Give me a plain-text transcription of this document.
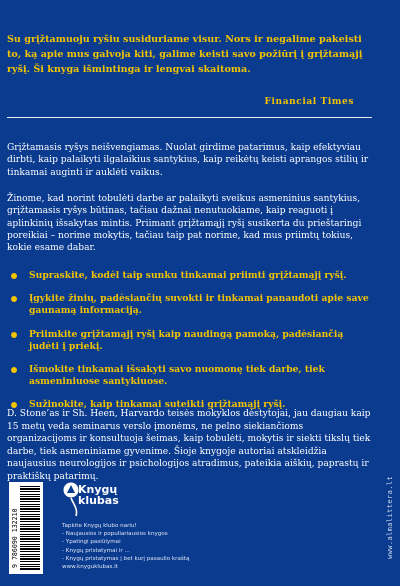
Su grįžtamuoju ryšiu susiduriame visur. Nors ir negalime pakeisti to, ką apie mus galvoja kiti, galime keisti savo požiūrį į grįžtamąjį ryšį. Ši knyga išmintinga ir lengvai skaitoma.
Financial Times
Grįžtamasis ryšys neišvengiamas. Nuolat girdime patarimus, kaip efektyviau dirbti, kaip palaikyti ilgalaikius santykius, kaip reikėtų keisti aprangos stilių ir tinkamai auginti ir auklėti vaikus.
Žinome, kad norint tobulėti darbe ar palaikyti sveikus asmeninius santykius, grįžtamasis ryšys būtinas, tačiau dažnai nenutuokiame, kaip reaguoti į aplinkinių išsakytas mintis. Priimant grįžtamąjį ryšį susikerta du prieštaringi poreikiai – norime mokytis, tačiau taip pat norime, kad mus priimtų tokius, kokie esame dabar.
Supraskite, kodėl taip sunku tinkamai priimti grįžtamąjį ryšį.
Įgykite žinių, padėsiančių suvokti ir tinkamai panaudoti apie save gaunamą informaciją.
Priimkite grįžtamąjį ryšį kaip naudingą pamoką, padėsiančią judėti į priekį.
Išmokite tinkamai išsakyti savo nuomonę tiek darbe, tiek asmeniniuose santykiuose.
Sužinokite, kaip tinkamai suteikti grįžtamąjį ryšį.
D. Stone’as ir Sh. Heen, Harvardo teisės mokyklos dėstytojai, jau daugiau kaip 15 metų veda seminarus verslo įmonėms, ne pelno siekiančioms organizacijoms ir konsultuoja šeimas, kaip tobulėti, mokytis ir siekti tikslų tiek darbe, tiek asmeniniame gyvenime. Šioje knygoje autoriai atskleidžia naujausius neurologijos ir psichologijos atradimus, pateikia aiškių, paprastų ir praktiškų patarimų.
9 786090 132210
Knygų
klubas
Tapkite Knygų klubo nariu!
- Naujausios ir populiariausios knygos
- Ypatingi pasiūlymai
- Knygų pristatymai ir ...
- Knygų pristatymas į bet kurį pasaulio kraštą
www.knyguklubas.lt
www.almalittera.lt
